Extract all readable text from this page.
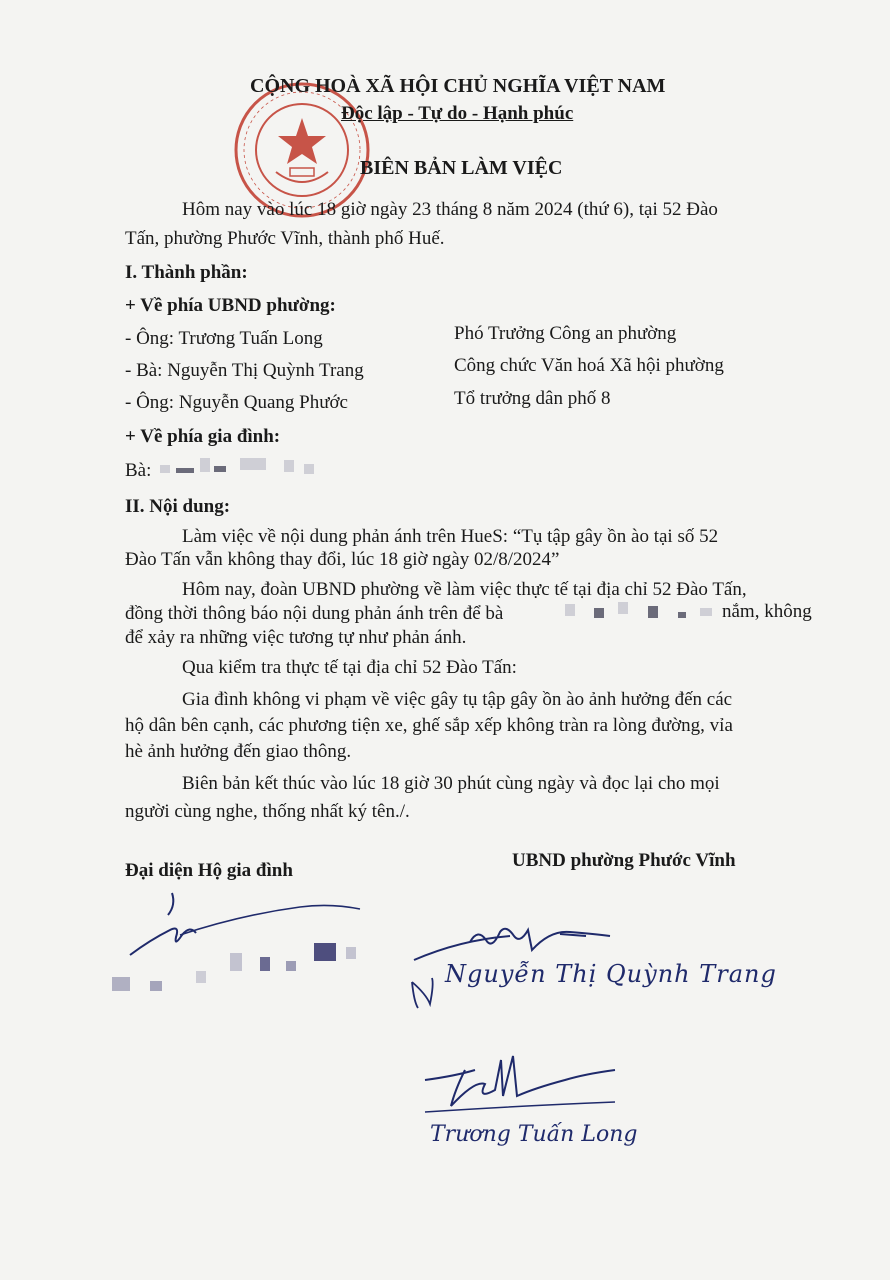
CỘNG HOÀ XÃ HỘI CHỦ NGHĨA VIỆT NAM
Độc lập - Tự do - Hạnh phúc
BIÊN BẢN LÀM VIỆC
Hôm nay vào lúc 18 giờ ngày 23 tháng 8 năm 2024 (thứ 6), tại 52 Đào
Tấn, phường Phước Vĩnh, thành phố Huế.
I. Thành phần:
+ Về phía UBND phường:
- Ông: Trương Tuấn Long	Phó Trưởng Công an phường
- Bà: Nguyễn Thị Quỳnh Trang	Công chức Văn hoá Xã hội phường
- Ông: Nguyễn Quang Phước	Tổ trưởng dân phố 8
+ Về phía gia đình:
Bà:
II. Nội dung:
Làm việc về nội dung phản ánh trên HueS: “Tụ tập gây ồn ào tại số 52
Đào Tấn vẫn không thay đổi, lúc 18 giờ ngày 02/8/2024”
Hôm nay, đoàn UBND phường về làm việc thực tế tại địa chỉ 52 Đào Tấn,
đồng thời thông báo nội dung phản ánh trên để bà	nắm, không
để xảy ra những việc tương tự như phản ánh.
Qua kiểm tra thực tế tại địa chỉ 52 Đào Tấn:
Gia đình không vi phạm về việc gây tụ tập gây ồn ào ảnh hưởng đến các
hộ dân bên cạnh, các phương tiện xe, ghế sắp xếp không tràn ra lòng đường, vỉa
hè ảnh hưởng đến giao thông.
Biên bản kết thúc vào lúc 18 giờ 30 phút cùng ngày và đọc lại cho mọi
người cùng nghe, thống nhất ký tên./.
Đại diện Hộ gia đình	UBND phường Phước Vĩnh
Nguyễn Thị Quỳnh Trang
Trương Tuấn Long
